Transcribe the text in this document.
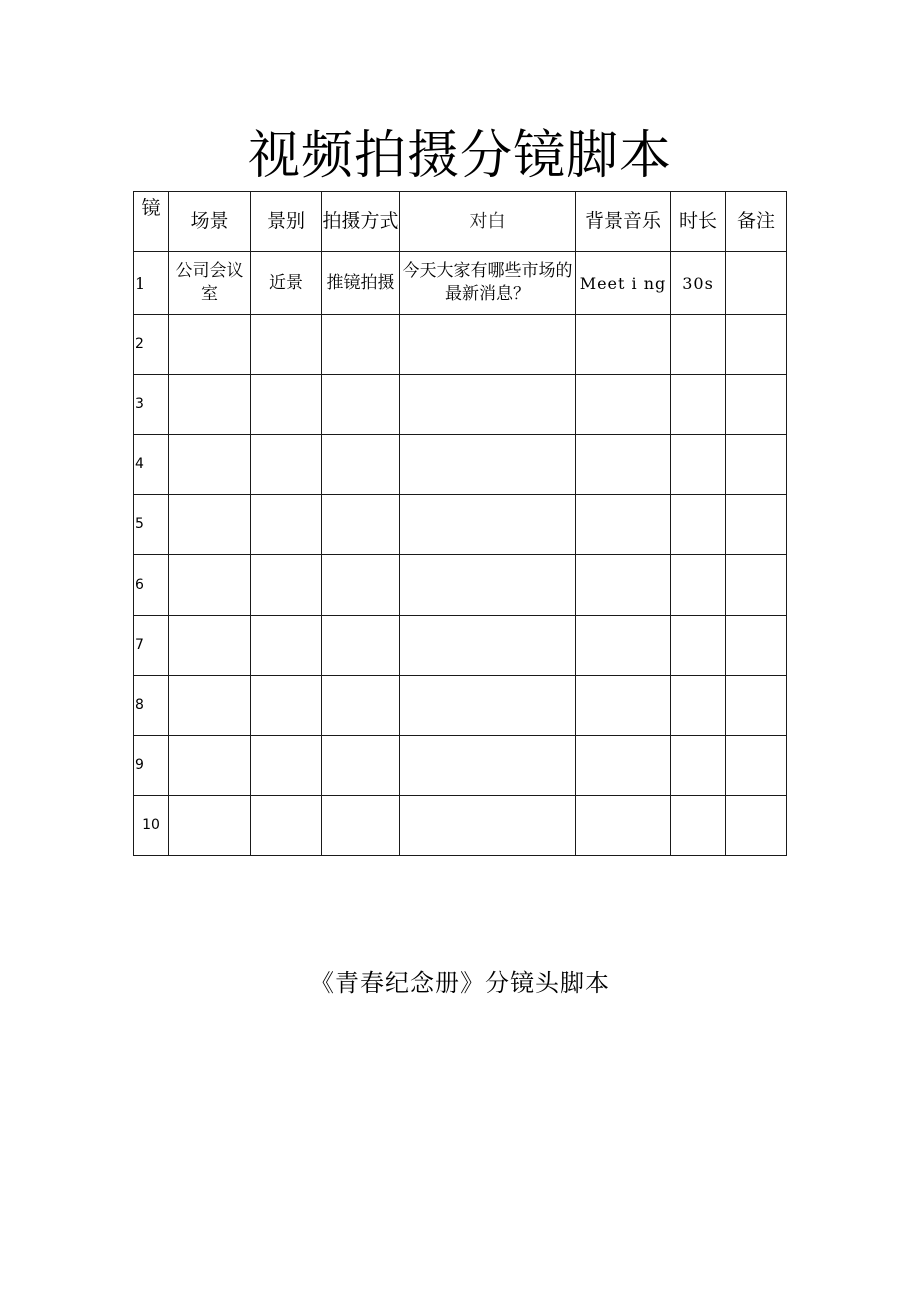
视频拍摄分镜脚本
镜	场景	景别	拍摄方式	对白	背景音乐	时长	备注
1	公司会议室	近景	推镜拍摄	今天大家有哪些市场的最新消息？	Meet i ng	30s	
2							
3							
4							
5							
6							
7							
8							
9							
10							
《青春纪念册》分镜头脚本
